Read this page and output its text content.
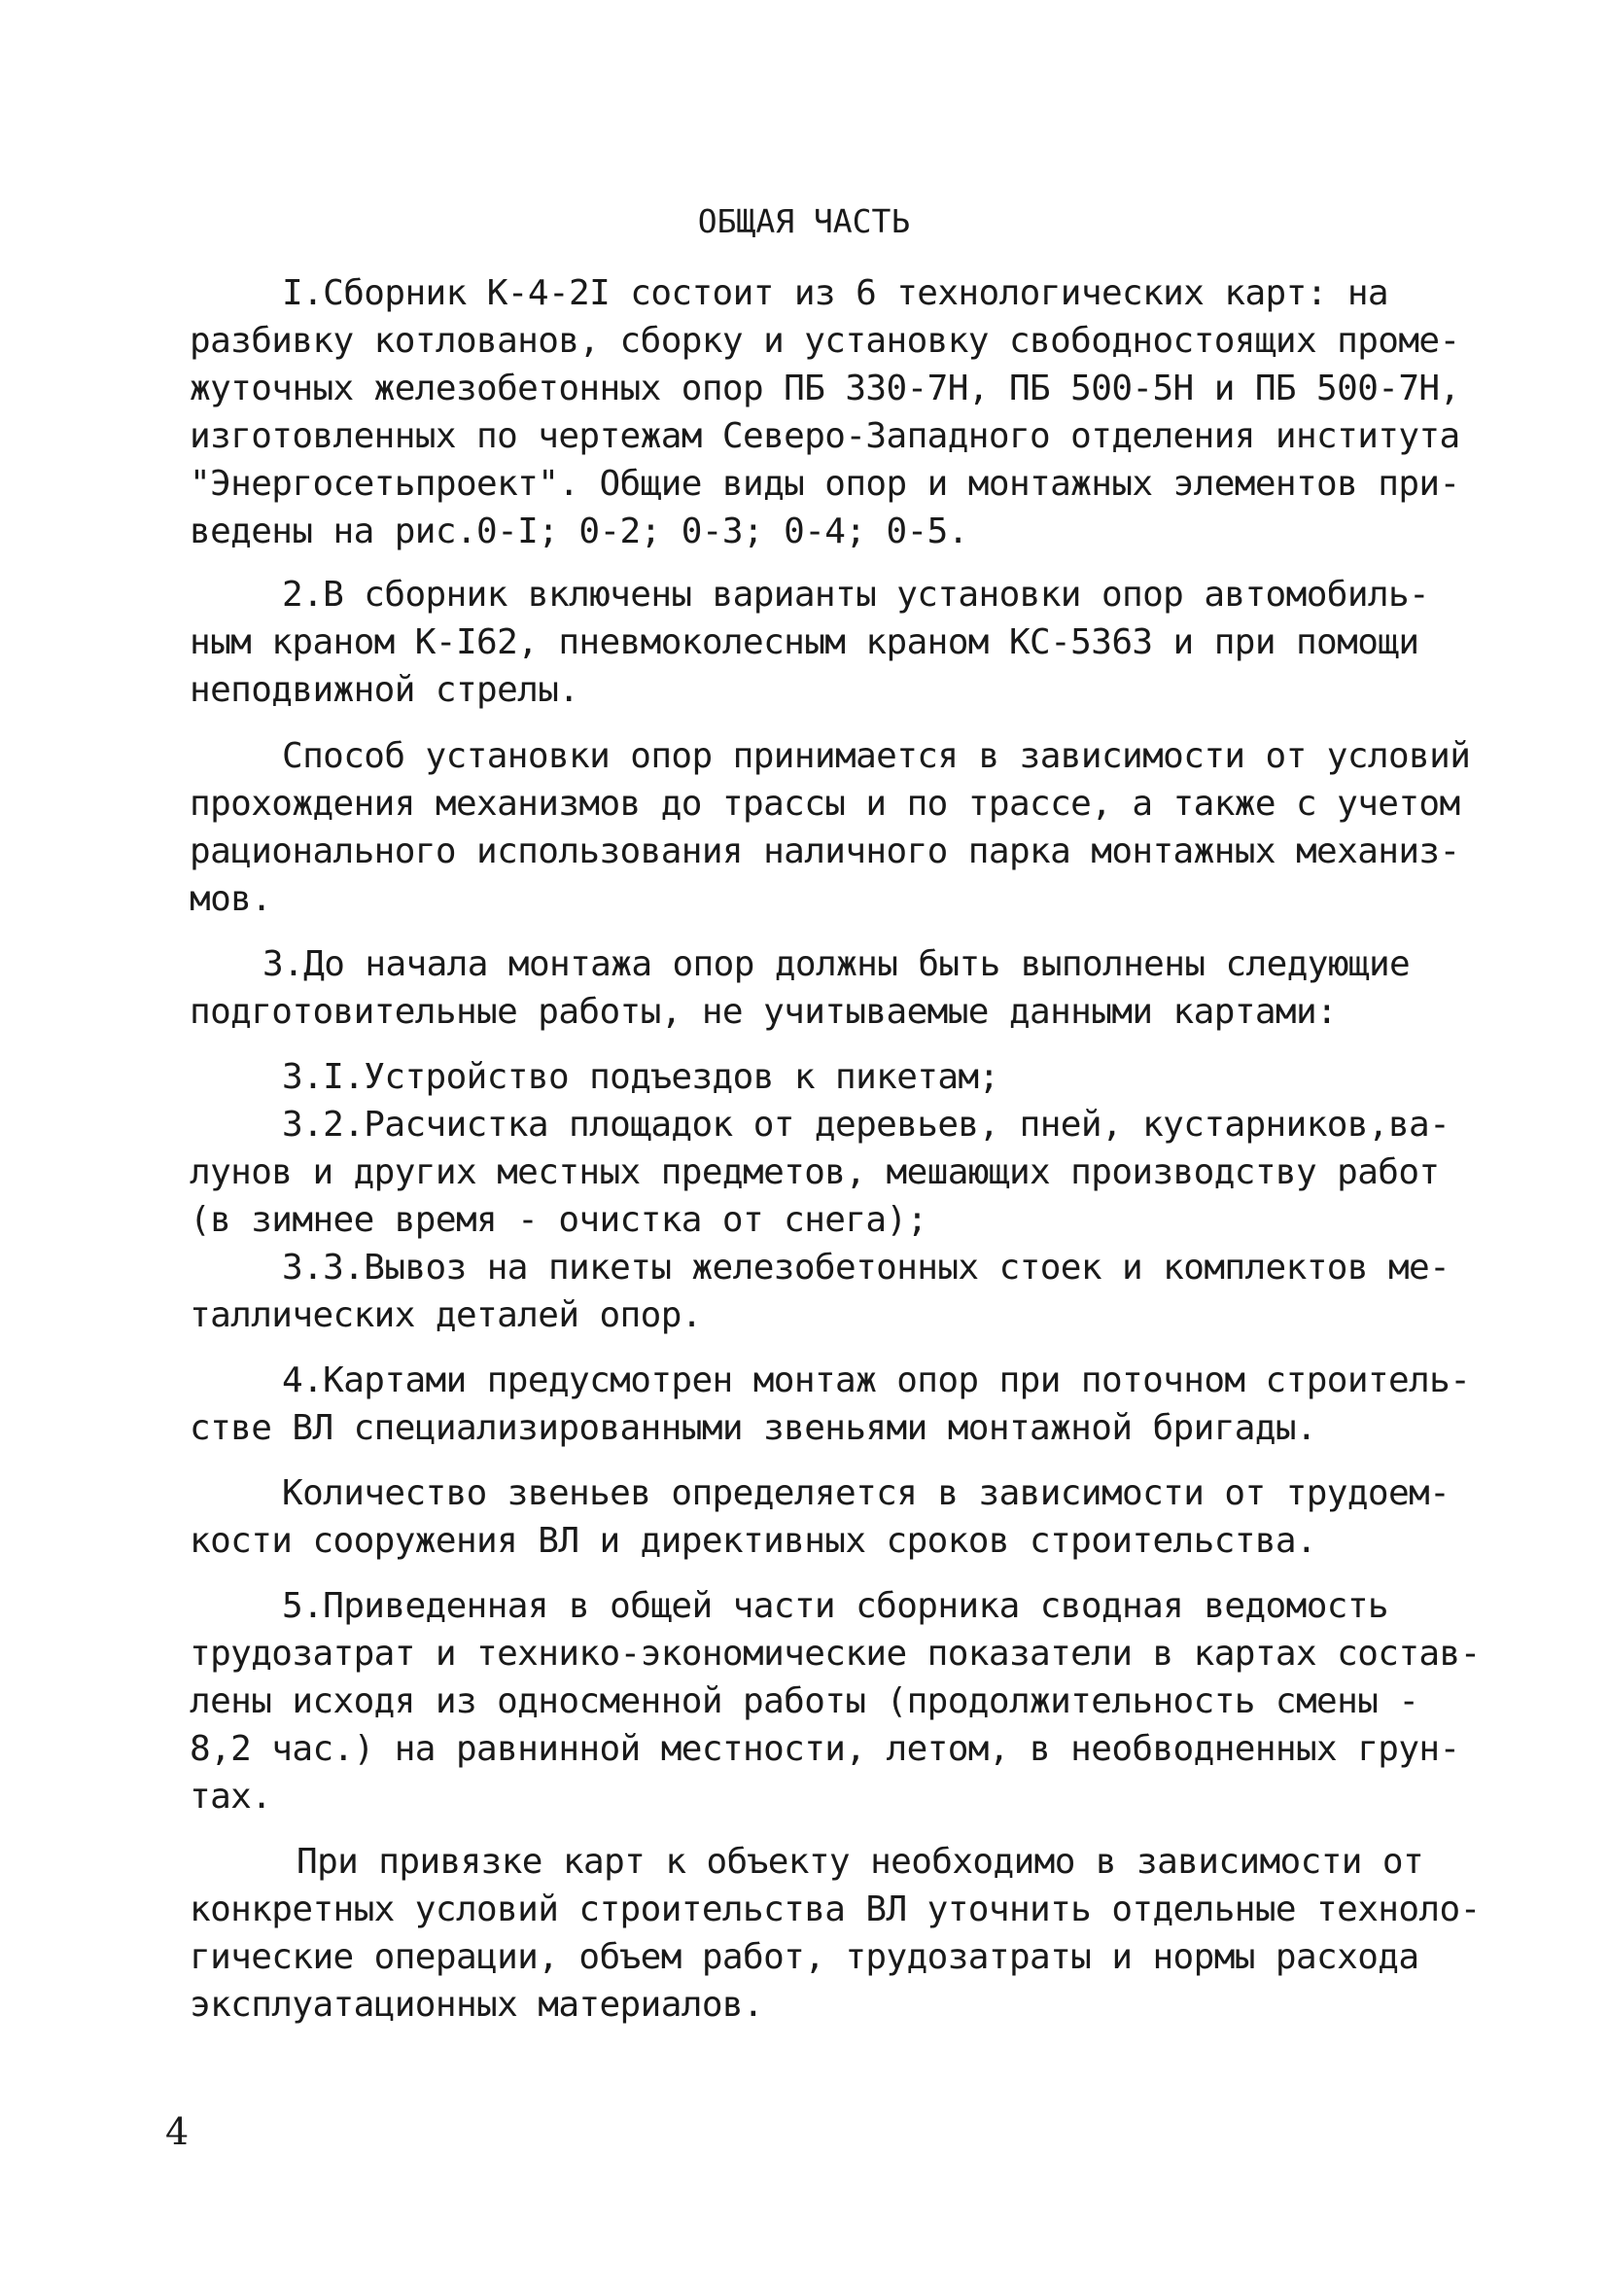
ОБЩАЯ ЧАСТЬ
I.Сборник К-4-2I состоит из 6 технологических карт: на
разбивку котлованов, сборку и установку свободностоящих проме-
жуточных железобетонных опор ПБ 330-7Н, ПБ 500-5Н и ПБ 500-7Н,
изготовленных по чертежам Северо-Западного отделения института
"Энергосетьпроект". Общие виды опор и монтажных элементов при-
ведены на рис.0-I; 0-2; 0-3; 0-4; 0-5.
2.В сборник включены варианты установки опор автомобиль-
ным краном К-I62, пневмоколесным краном КС-5363 и при помощи
неподвижной стрелы.
Способ установки опор принимается в зависимости от условий
прохождения механизмов до трассы и по трассе, а также с учетом
рационального использования наличного парка монтажных механиз-
мов.
3.До начала монтажа опор должны быть выполнены следующие
подготовительные работы, не учитываемые данными картами:
3.I.Устройство подъездов к пикетам;
3.2.Расчистка площадок от деревьев, пней, кустарников,ва-
лунов и других местных предметов, мешающих производству работ
(в зимнее время - очистка от снега);
3.3.Вывоз на пикеты железобетонных стоек и комплектов ме-
таллических деталей опор.
4.Картами предусмотрен монтаж опор при поточном строитель-
стве ВЛ специализированными звеньями монтажной бригады.
Количество звеньев определяется в зависимости от трудоем-
кости сооружения ВЛ и директивных сроков строительства.
5.Приведенная в общей части сборника сводная ведомость
трудозатрат и технико-экономические показатели в картах состав-
лены исходя из односменной работы (продолжительность смены -
8,2 час.) на равнинной местности, летом, в необводненных грун-
тах.
При привязке карт к объекту необходимо в зависимости от
конкретных условий строительства ВЛ уточнить отдельные техноло-
гические операции, объем работ, трудозатраты и нормы расхода
эксплуатационных материалов.
4
